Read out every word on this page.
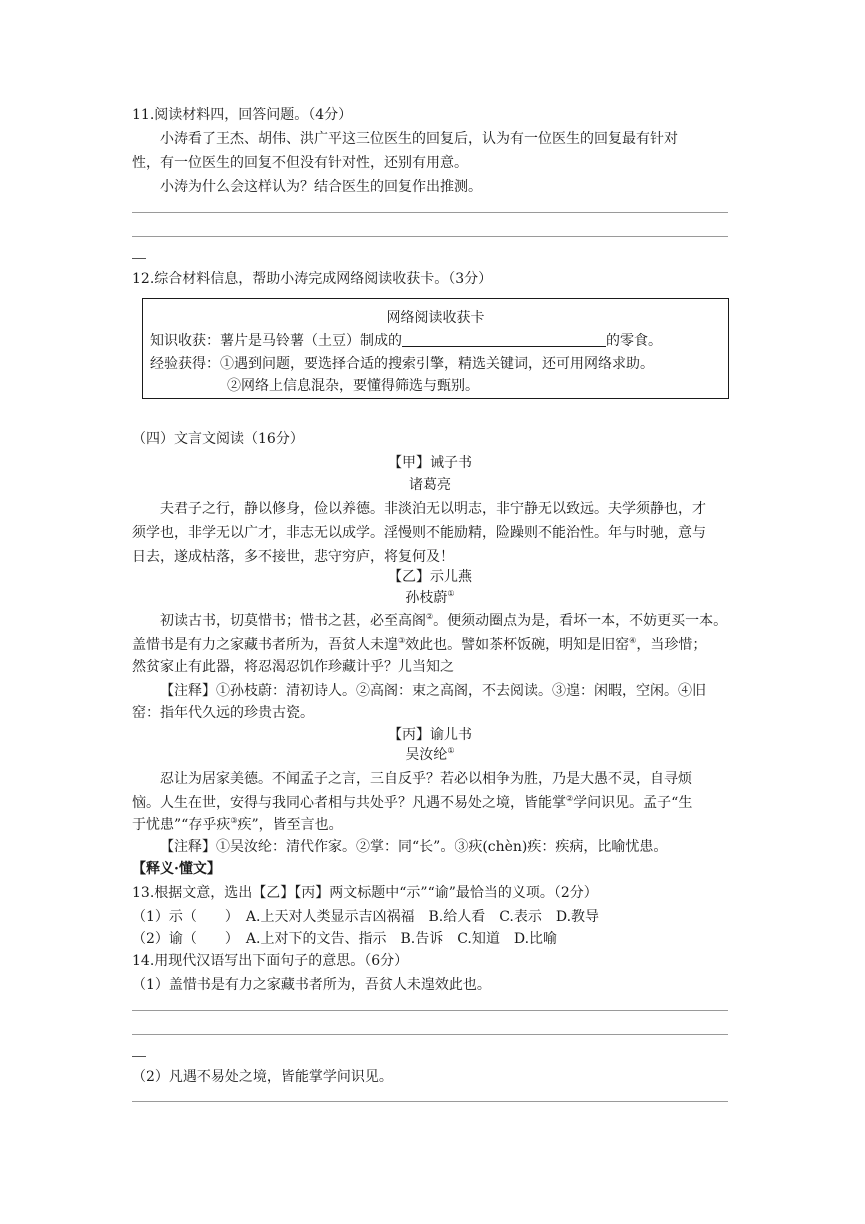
11.阅读材料四，回答问题。（4分）
小涛看了王杰、胡伟、洪广平这三位医生的回复后，认为有一位医生的回复最有针对
性，有一位医生的回复不但没有针对性，还别有用意。
小涛为什么会这样认为？结合医生的回复作出推测。
12.综合材料信息，帮助小涛完成网络阅读收获卡。（3分）
网络阅读收获卡
知识收获：薯片是马铃薯（土豆）制成的	的零食。
经验获得：①遇到问题，要选择合适的搜索引擎，精选关键词，还可用网络求助。
②网络上信息混杂，要懂得筛选与甄别。
（四）文言文阅读（16分）
【甲】诫子书
诸葛亮
夫君子之行，静以修身，俭以养德。非淡泊无以明志，非宁静无以致远。夫学须静也，才
须学也，非学无以广才，非志无以成学。淫慢则不能励精，险躁则不能治性。年与时驰，意与
日去，遂成枯落，多不接世，悲守穷庐，将复何及！
【乙】示儿燕
孙枝蔚①
初读古书，切莫惜书；惜书之甚，必至高阁②。便须动圈点为是，看坏一本，不妨更买一本。
盖惜书是有力之家藏书者所为，吾贫人未遑③效此也。譬如茶杯饭碗，明知是旧窑④，当珍惜；
然贫家止有此器，将忍渴忍饥作珍藏计乎？儿当知之
【注释】①孙枝蔚：清初诗人。②高阁：束之高阁，不去阅读。③遑：闲暇，空闲。④旧
窑：指年代久远的珍贵古瓷。
【丙】谕儿书
吴汝纶①
忍让为居家美德。不闻孟子之言，三自反乎？若必以相争为胜，乃是大愚不灵，自寻烦
恼。人生在世，安得与我同心者相与共处乎？凡遇不易处之境，皆能掌②学问识见。孟子“生
于忧患”“存乎疢③疾”，皆至言也。
【注释】①吴汝纶：清代作家。②掌：同“长”。③疢(chèn)疾：疾病，比喻忧患。
【释义·懂文】
13.根据文意，选出【乙】【丙】两文标题中“示”“谕”最恰当的义项。（2分）
（1）示（　　）　A.上天对人类显示吉凶祸福　B.给人看　C.表示　D.教导
（2）谕（　　）　A.上对下的文告、指示　B.告诉　C.知道　D.比喻
14.用现代汉语写出下面句子的意思。（6分）
（1）盖惜书是有力之家藏书者所为，吾贫人未遑效此也。
（2）凡遇不易处之境，皆能掌学问识见。
